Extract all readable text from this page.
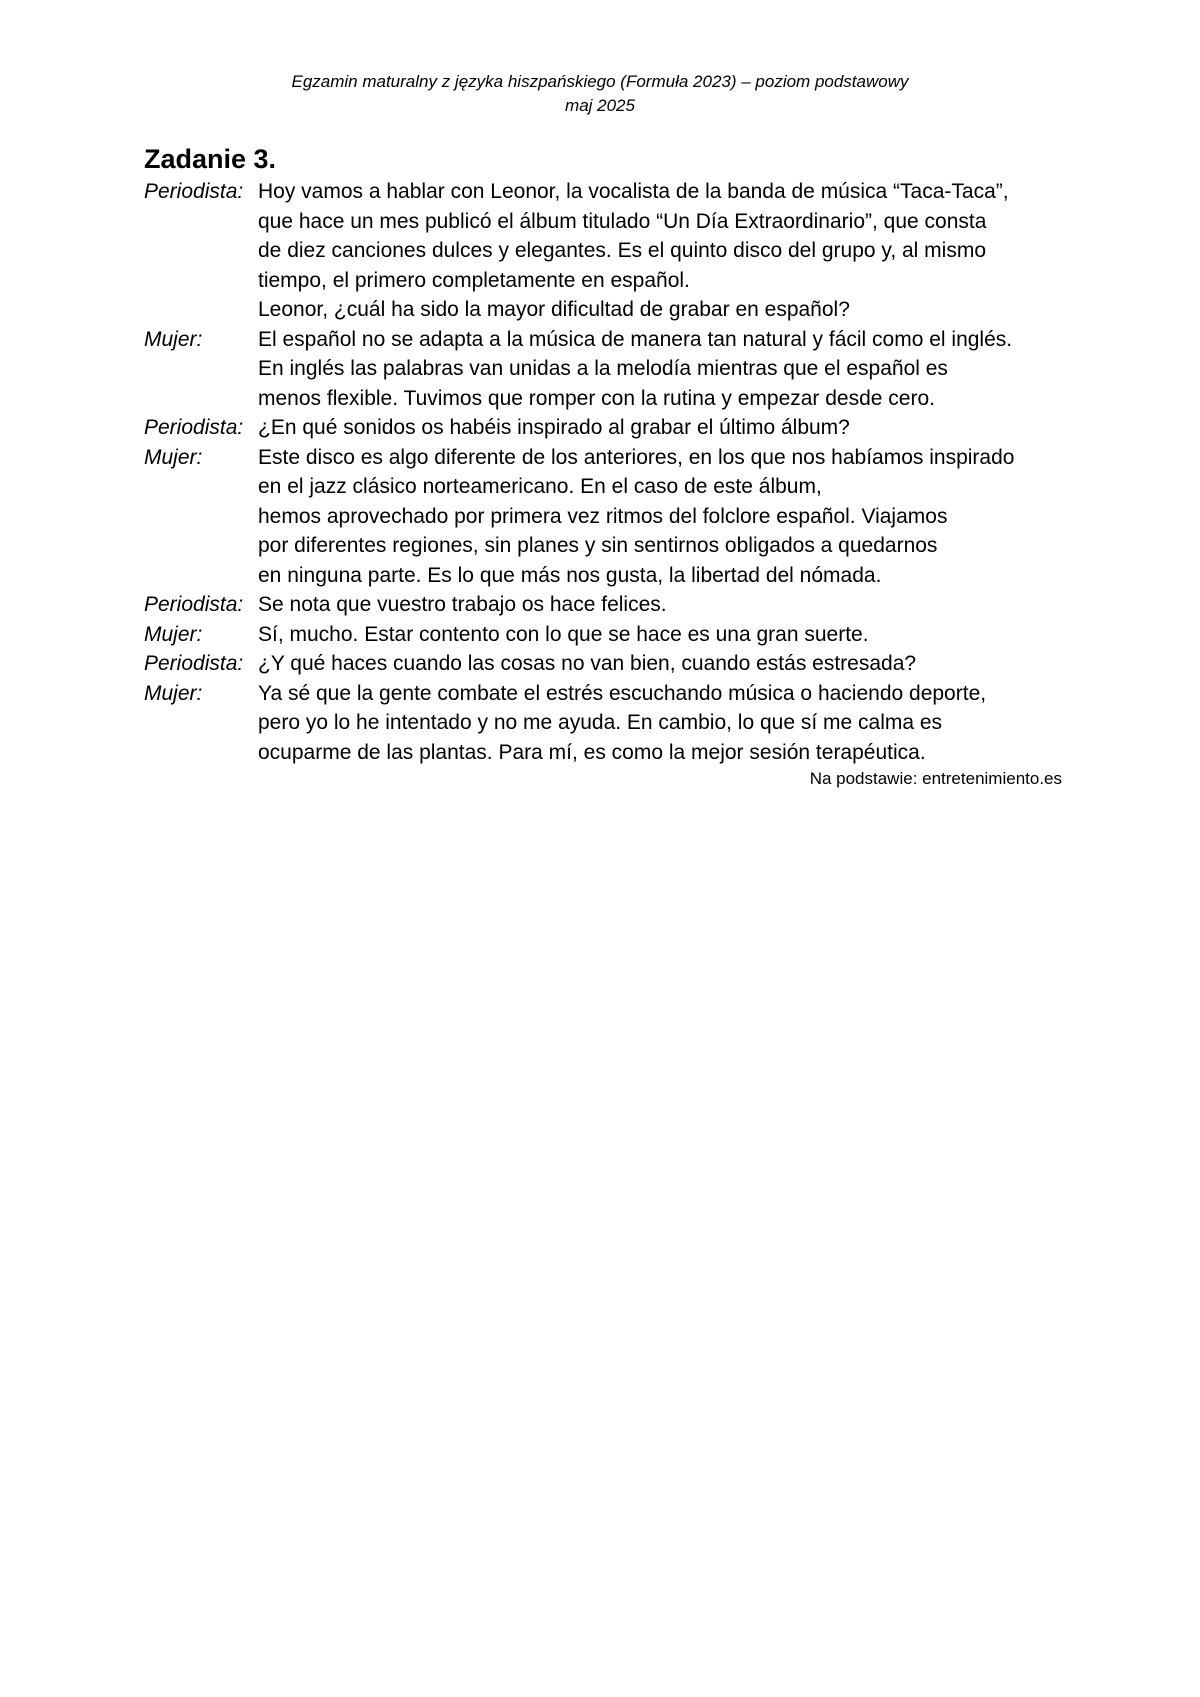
Egzamin maturalny z języka hiszpańskiego (Formuła 2023) – poziom podstawowy
maj 2025
Zadanie 3.
Periodista: Hoy vamos a hablar con Leonor, la vocalista de la banda de música “Taca-Taca”,
que hace un mes publicó el álbum titulado “Un Día Extraordinario”, que consta
de diez canciones dulces y elegantes. Es el quinto disco del grupo y, al mismo
tiempo, el primero completamente en español.
Leonor, ¿cuál ha sido la mayor dificultad de grabar en español?
Mujer:	El español no se adapta a la música de manera tan natural y fácil como el inglés.
En inglés las palabras van unidas a la melodía mientras que el español es
menos flexible. Tuvimos que romper con la rutina y empezar desde cero.
Periodista: ¿En qué sonidos os habéis inspirado al grabar el último álbum?
Mujer:	Este disco es algo diferente de los anteriores, en los que nos habíamos inspirado
en el jazz clásico norteamericano. En el caso de este álbum,
hemos aprovechado por primera vez ritmos del folclore español. Viajamos
por diferentes regiones, sin planes y sin sentirnos obligados a quedarnos
en ninguna parte. Es lo que más nos gusta, la libertad del nómada.
Periodista: Se nota que vuestro trabajo os hace felices.
Mujer:	Sí, mucho. Estar contento con lo que se hace es una gran suerte.
Periodista: ¿Y qué haces cuando las cosas no van bien, cuando estás estresada?
Mujer:	Ya sé que la gente combate el estrés escuchando música o haciendo deporte,
pero yo lo he intentado y no me ayuda. En cambio, lo que sí me calma es
ocuparme de las plantas. Para mí, es como la mejor sesión terapéutica.
Na podstawie: entretenimiento.es
